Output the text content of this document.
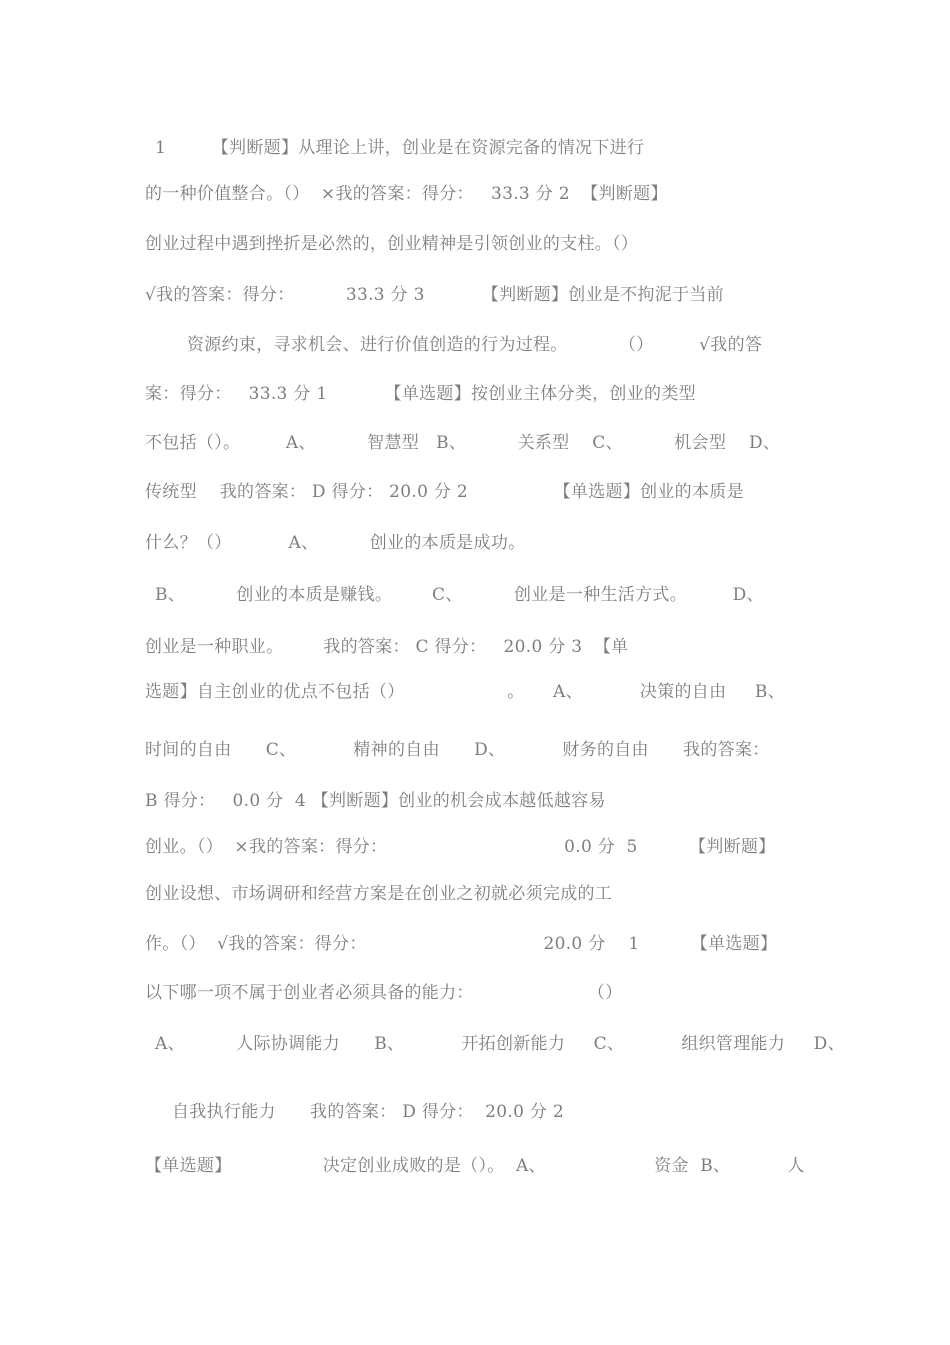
1        【判断题】从理论上讲，创业是在资源完备的情况下进行
的一种价值整合。（）  ×我的答案：得分：   33.3 分 2  【判断题】
创业过程中遇到挫折是必然的，创业精神是引领创业的支柱。（）
√我的答案：得分：         33.3 分 3          【判断题】创业是不拘泥于当前
资源约束，寻求机会、进行价值创造的行为过程。         （）        √我的答
案：得分：   33.3 分 1          【单选题】按创业主体分类，创业的类型
不包括（）。        A、         智慧型   B、         关系型    C、         机会型    D、
传统型    我的答案： D 得分： 20.0 分 2               【单选题】创业的本质是
什么？（）          A、         创业的本质是成功。
B、         创业的本质是赚钱。       C、         创业是一种生活方式。        D、
创业是一种职业。       我的答案： C 得分：   20.0 分 3  【单
选题】自主创业的优点不包括（）                  。     A、          决策的自由     B、
时间的自由      C、          精神的自由      D、          财务的自由      我的答案：
B 得分：   0.0 分  4 【判断题】创业的机会成本越低越容易
创业。（）  ×我的答案：得分：                               0.0 分  5         【判断题】
创业设想、市场调研和经营方案是在创业之初就必须完成的工
作。（）  √我的答案：得分：                               20.0 分    1         【单选题】
以下哪一项不属于创业者必须具备的能力：                    （）
A、         人际协调能力      B、          开拓创新能力     C、          组织管理能力     D、
自我执行能力      我的答案： D 得分：  20.0 分 2
【单选题】                决定创业成败的是（）。  A、                   资金  B、          人
